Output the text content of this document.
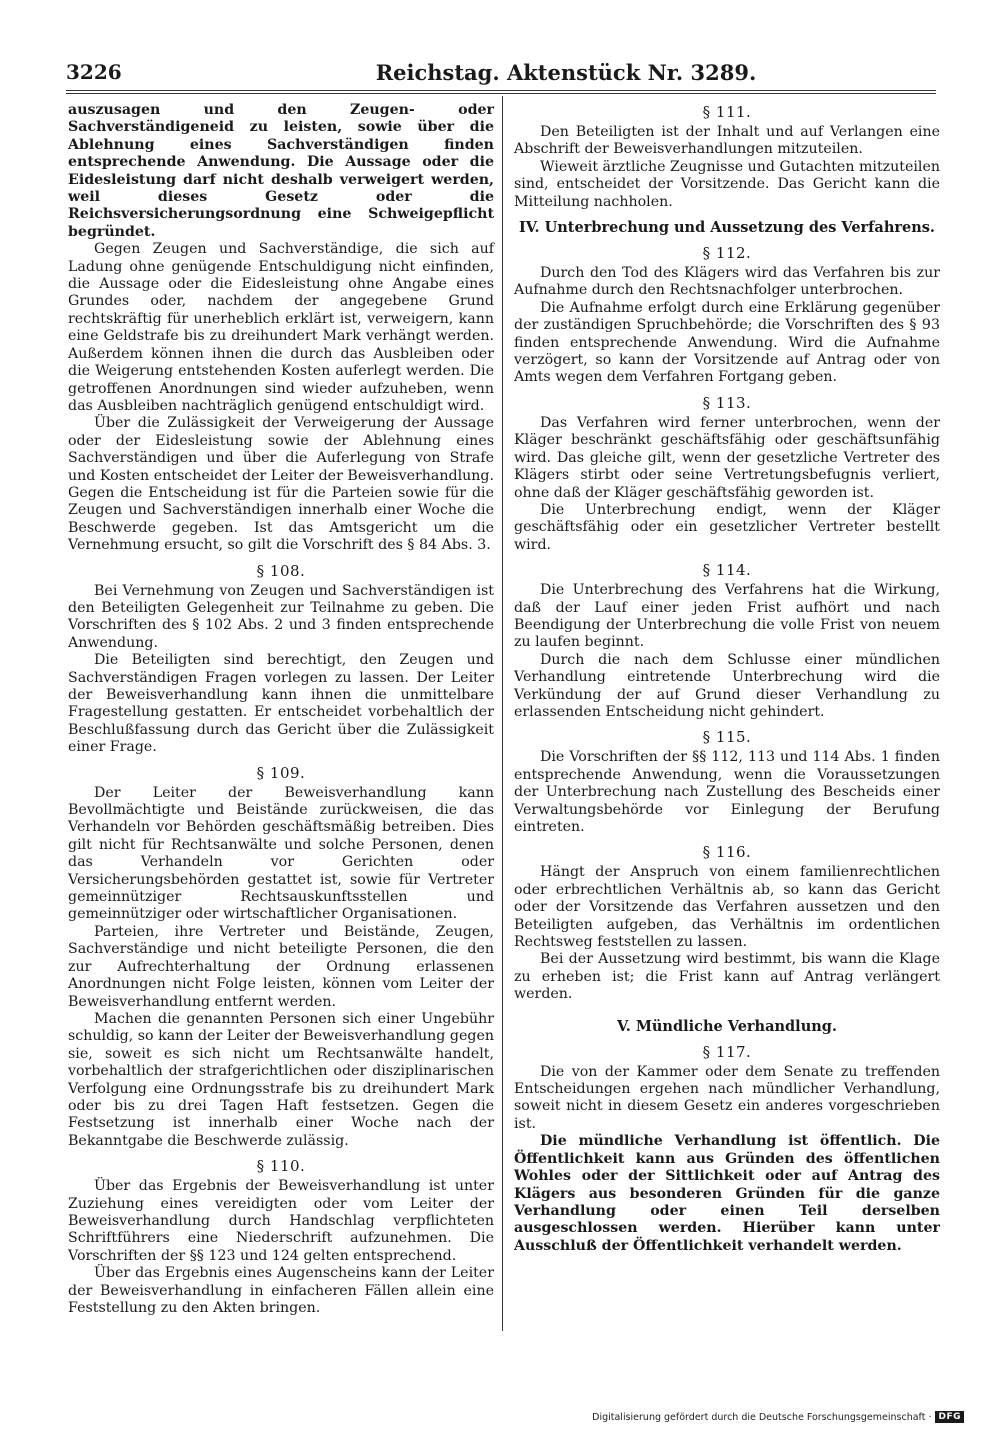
3226	Reichstag. Aktenstück Nr. 3289.

auszusagen und den Zeugen- oder Sachverständigeneid zu leisten, sowie über die Ablehnung eines Sachverständigen finden entsprechende Anwendung. Die Aussage oder die Eidesleistung darf nicht deshalb verweigert werden, weil dieses Gesetz oder die Reichsversicherungsordnung eine Schweigepflicht begründet.

Gegen Zeugen und Sachverständige, die sich auf Ladung ohne genügende Entschuldigung nicht einfinden, die Aussage oder die Eidesleistung ohne Angabe eines Grundes oder, nachdem der angegebene Grund rechtskräftig für unerheblich erklärt ist, verweigern, kann eine Geldstrafe bis zu dreihundert Mark verhängt werden. Außerdem können ihnen die durch das Ausbleiben oder die Weigerung entstehenden Kosten auferlegt werden. Die getroffenen Anordnungen sind wieder aufzuheben, wenn das Ausbleiben nachträglich genügend entschuldigt wird.

Über die Zulässigkeit der Verweigerung der Aussage oder der Eidesleistung sowie der Ablehnung eines Sachverständigen und über die Auferlegung von Strafe und Kosten entscheidet der Leiter der Beweisverhandlung. Gegen die Entscheidung ist für die Parteien sowie für die Zeugen und Sachverständigen innerhalb einer Woche die Beschwerde gegeben. Ist das Amtsgericht um die Vernehmung ersucht, so gilt die Vorschrift des § 84 Abs. 3.

§ 108.

Bei Vernehmung von Zeugen und Sachverständigen ist den Beteiligten Gelegenheit zur Teilnahme zu geben. Die Vorschriften des § 102 Abs. 2 und 3 finden entsprechende Anwendung.

Die Beteiligten sind berechtigt, den Zeugen und Sachverständigen Fragen vorlegen zu lassen. Der Leiter der Beweisverhandlung kann ihnen die unmittelbare Fragestellung gestatten. Er entscheidet vorbehaltlich der Beschlußfassung durch das Gericht über die Zulässigkeit einer Frage.

§ 109.

Der Leiter der Beweisverhandlung kann Bevollmächtigte und Beistände zurückweisen, die das Verhandeln vor Behörden geschäftsmäßig betreiben. Dies gilt nicht für Rechtsanwälte und solche Personen, denen das Verhandeln vor Gerichten oder Versicherungsbehörden gestattet ist, sowie für Vertreter gemeinnütziger Rechtsauskunftsstellen und gemeinnütziger oder wirtschaftlicher Organisationen.

Parteien, ihre Vertreter und Beistände, Zeugen, Sachverständige und nicht beteiligte Personen, die den zur Aufrechterhaltung der Ordnung erlassenen Anordnungen nicht Folge leisten, können vom Leiter der Beweisverhandlung entfernt werden.

Machen die genannten Personen sich einer Ungebühr schuldig, so kann der Leiter der Beweisverhandlung gegen sie, soweit es sich nicht um Rechtsanwälte handelt, vorbehaltlich der strafgerichtlichen oder disziplinarischen Verfolgung eine Ordnungsstrafe bis zu dreihundert Mark oder bis zu drei Tagen Haft festsetzen. Gegen die Festsetzung ist innerhalb einer Woche nach der Bekanntgabe die Beschwerde zulässig.

§ 110.

Über das Ergebnis der Beweisverhandlung ist unter Zuziehung eines vereidigten oder vom Leiter der Beweisverhandlung durch Handschlag verpflichteten Schriftführers eine Niederschrift aufzunehmen. Die Vorschriften der §§ 123 und 124 gelten entsprechend.

Über das Ergebnis eines Augenscheins kann der Leiter der Beweisverhandlung in einfacheren Fällen allein eine Feststellung zu den Akten bringen.

§ 111.

Den Beteiligten ist der Inhalt und auf Verlangen eine Abschrift der Beweisverhandlungen mitzuteilen.

Wieweit ärztliche Zeugnisse und Gutachten mitzuteilen sind, entscheidet der Vorsitzende. Das Gericht kann die Mitteilung nachholen.

IV. Unterbrechung und Aussetzung des Verfahrens.
§ 112.

Durch den Tod des Klägers wird das Verfahren bis zur Aufnahme durch den Rechtsnachfolger unterbrochen.

Die Aufnahme erfolgt durch eine Erklärung gegenüber der zuständigen Spruchbehörde; die Vorschriften des § 93 finden entsprechende Anwendung. Wird die Aufnahme verzögert, so kann der Vorsitzende auf Antrag oder von Amts wegen dem Verfahren Fortgang geben.

§ 113.

Das Verfahren wird ferner unterbrochen, wenn der Kläger beschränkt geschäftsfähig oder geschäftsunfähig wird. Das gleiche gilt, wenn der gesetzliche Vertreter des Klägers stirbt oder seine Vertretungsbefugnis verliert, ohne daß der Kläger geschäftsfähig geworden ist.

Die Unterbrechung endigt, wenn der Kläger geschäftsfähig oder ein gesetzlicher Vertreter bestellt wird.

§ 114.

Die Unterbrechung des Verfahrens hat die Wirkung, daß der Lauf einer jeden Frist aufhört und nach Beendigung der Unterbrechung die volle Frist von neuem zu laufen beginnt.

Durch die nach dem Schlusse einer mündlichen Verhandlung eintretende Unterbrechung wird die Verkündung der auf Grund dieser Verhandlung zu erlassenden Entscheidung nicht gehindert.

§ 115.

Die Vorschriften der §§ 112, 113 und 114 Abs. 1 finden entsprechende Anwendung, wenn die Voraussetzungen der Unterbrechung nach Zustellung des Bescheids einer Verwaltungsbehörde vor Einlegung der Berufung eintreten.

§ 116.

Hängt der Anspruch von einem familienrechtlichen oder erbrechtlichen Verhältnis ab, so kann das Gericht oder der Vorsitzende das Verfahren aussetzen und den Beteiligten aufgeben, das Verhältnis im ordentlichen Rechtsweg feststellen zu lassen.

Bei der Aussetzung wird bestimmt, bis wann die Klage zu erheben ist; die Frist kann auf Antrag verlängert werden.

V. Mündliche Verhandlung.
§ 117.

Die von der Kammer oder dem Senate zu treffenden Entscheidungen ergehen nach mündlicher Verhandlung, soweit nicht in diesem Gesetz ein anderes vorgeschrieben ist.

Die mündliche Verhandlung ist öffentlich. Die Öffentlichkeit kann aus Gründen des öffentlichen Wohles oder der Sittlichkeit oder auf Antrag des Klägers aus besonderen Gründen für die ganze Verhandlung oder einen Teil derselben ausgeschlossen werden. Hierüber kann unter Ausschluß der Öffentlichkeit verhandelt werden.

Digitalisierung gefördert durch die Deutsche Forschungsgemeinschaft · DFG
